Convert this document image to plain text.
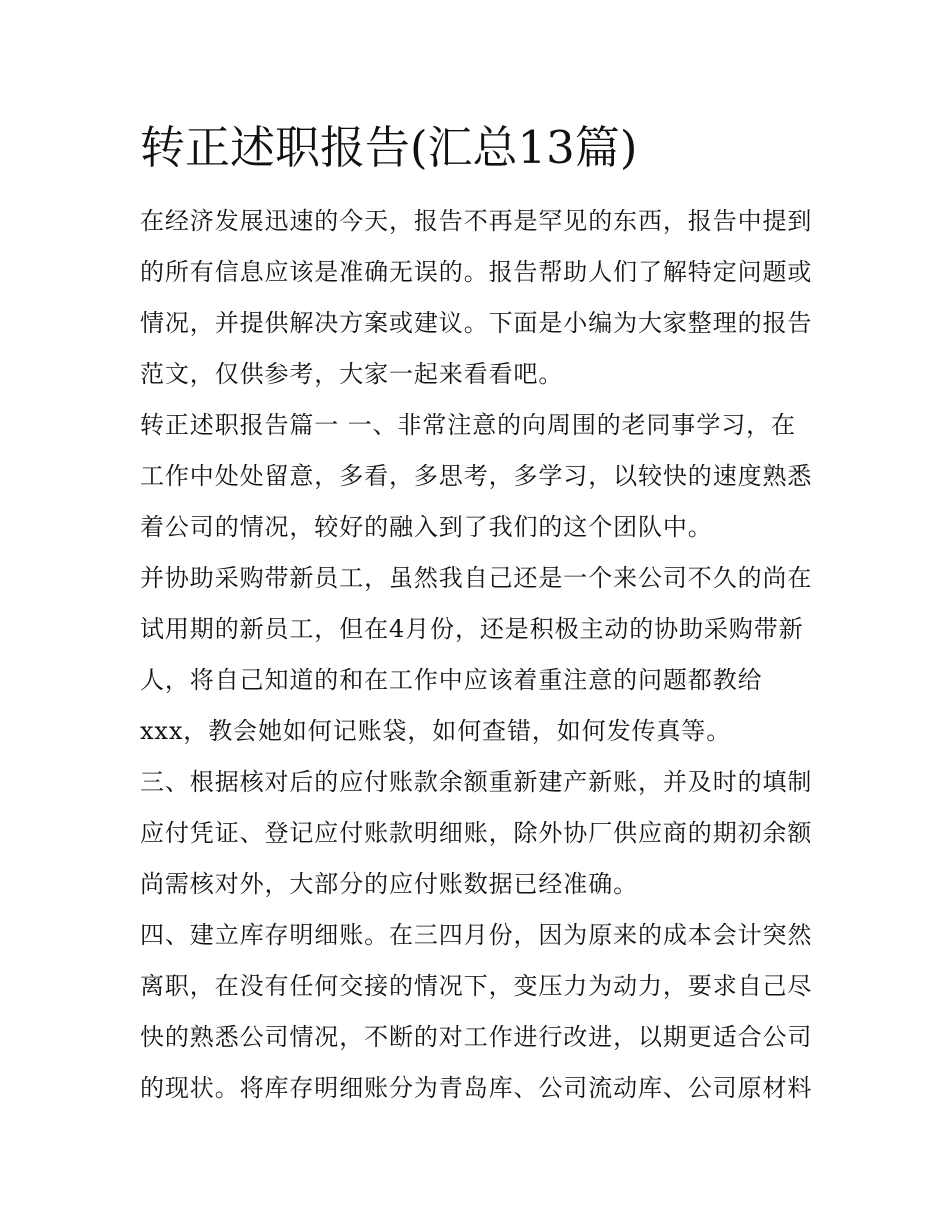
转正述职报告(汇总13篇)

在经济发展迅速的今天，报告不再是罕见的东西，报告中提到

的所有信息应该是准确无误的。报告帮助人们了解特定问题或

情况，并提供解决方案或建议。下面是小编为大家整理的报告

范文，仅供参考，大家一起来看看吧。

转正述职报告篇一 一、非常注意的向周围的老同事学习，在

工作中处处留意，多看，多思考，多学习，以较快的速度熟悉

着公司的情况，较好的融入到了我们的这个团队中。

并协助采购带新员工，虽然我自己还是一个来公司不久的尚在

试用期的新员工，但在4月份，还是积极主动的协助采购带新

人，将自己知道的和在工作中应该着重注意的问题都教给

xxx，教会她如何记账袋，如何查错，如何发传真等。

三、根据核对后的应付账款余额重新建产新账，并及时的填制

应付凭证、登记应付账款明细账，除外协厂供应商的期初余额

尚需核对外，大部分的应付账数据已经准确。

四、建立库存明细账。在三四月份，因为原来的成本会计突然

离职，在没有任何交接的情况下，变压力为动力，要求自己尽

快的熟悉公司情况，不断的对工作进行改进，以期更适合公司

的现状。将库存明细账分为青岛库、公司流动库、公司原材料
